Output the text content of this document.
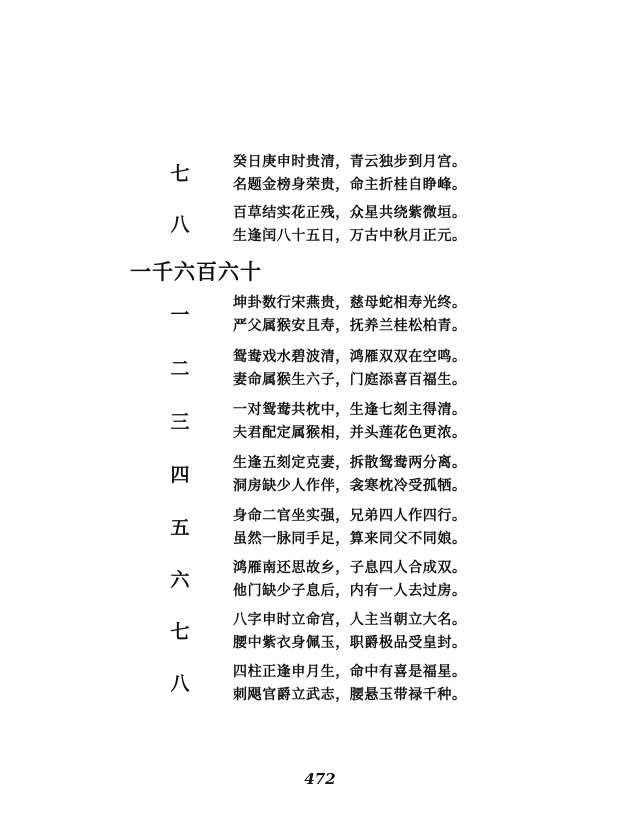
七
癸日庚申时贵清，青云独步到月宫。
名题金榜身荣贵，命主折桂自睁峰。
八
百草结实花正残，众星共绕紫微垣。
生逢闰八十五日，万古中秋月正元。
一千六百六十
一
坤卦数行宋燕贵，慈母蛇相寿光终。
严父属猴安且寿，抚养兰桂松柏青。
二
鸳鸯戏水碧波清，鸿雁双双在空鸣。
妻命属猴生六子，门庭添喜百福生。
三
一对鸳鸯共枕中，生逢七刻主得清。
夫君配定属猴相，并头莲花色更浓。
四
生逢五刻定克妻，拆散鸳鸯两分离。
洞房缺少人作伴，衾寒枕冷受孤牺。
五
身命二官坐实强，兄弟四人作四行。
虽然一脉同手足，算来同父不同娘。
六
鸿雁南还思故乡，子息四人合成双。
他门缺少子息后，内有一人去过房。
七
八字申时立命宫，人主当朝立大名。
腰中紫衣身佩玉，职爵极品受皇封。
八
四柱正逢申月生，命中有喜是福星。
刺飓官爵立武志，腰悬玉带禄千种。
472
